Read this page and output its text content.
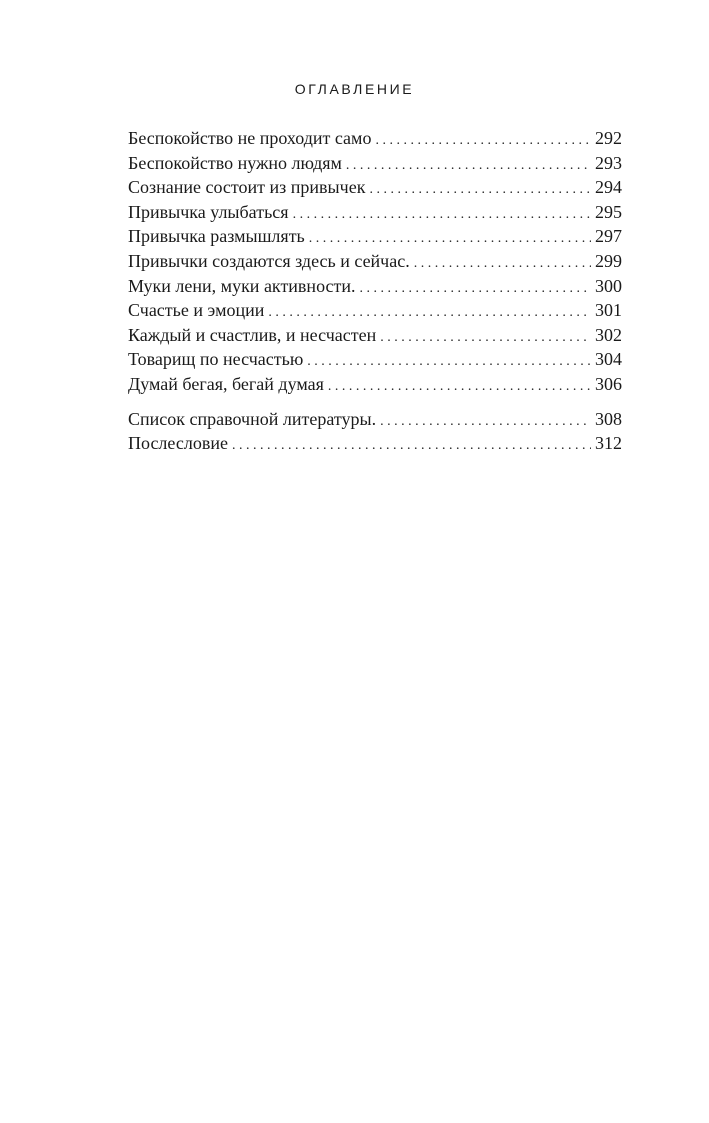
ОГЛАВЛЕНИЕ
Беспокойство не проходит само . . .	292
Беспокойство нужно людям . . .	293
Сознание состоит из привычек . . .	294
Привычка улыбаться . . .	295
Привычка размышлять . . .	297
Привычки создаются здесь и сейчас. . . .	299
Муки лени, муки активности. . . .	300
Счастье и эмоции . . .	301
Каждый и счастлив, и несчастен . . .	302
Товарищ по несчастью . . .	304
Думай бегая, бегай думая . . .	306
Список справочной литературы. . . .	308
Послесловие . . .	312
